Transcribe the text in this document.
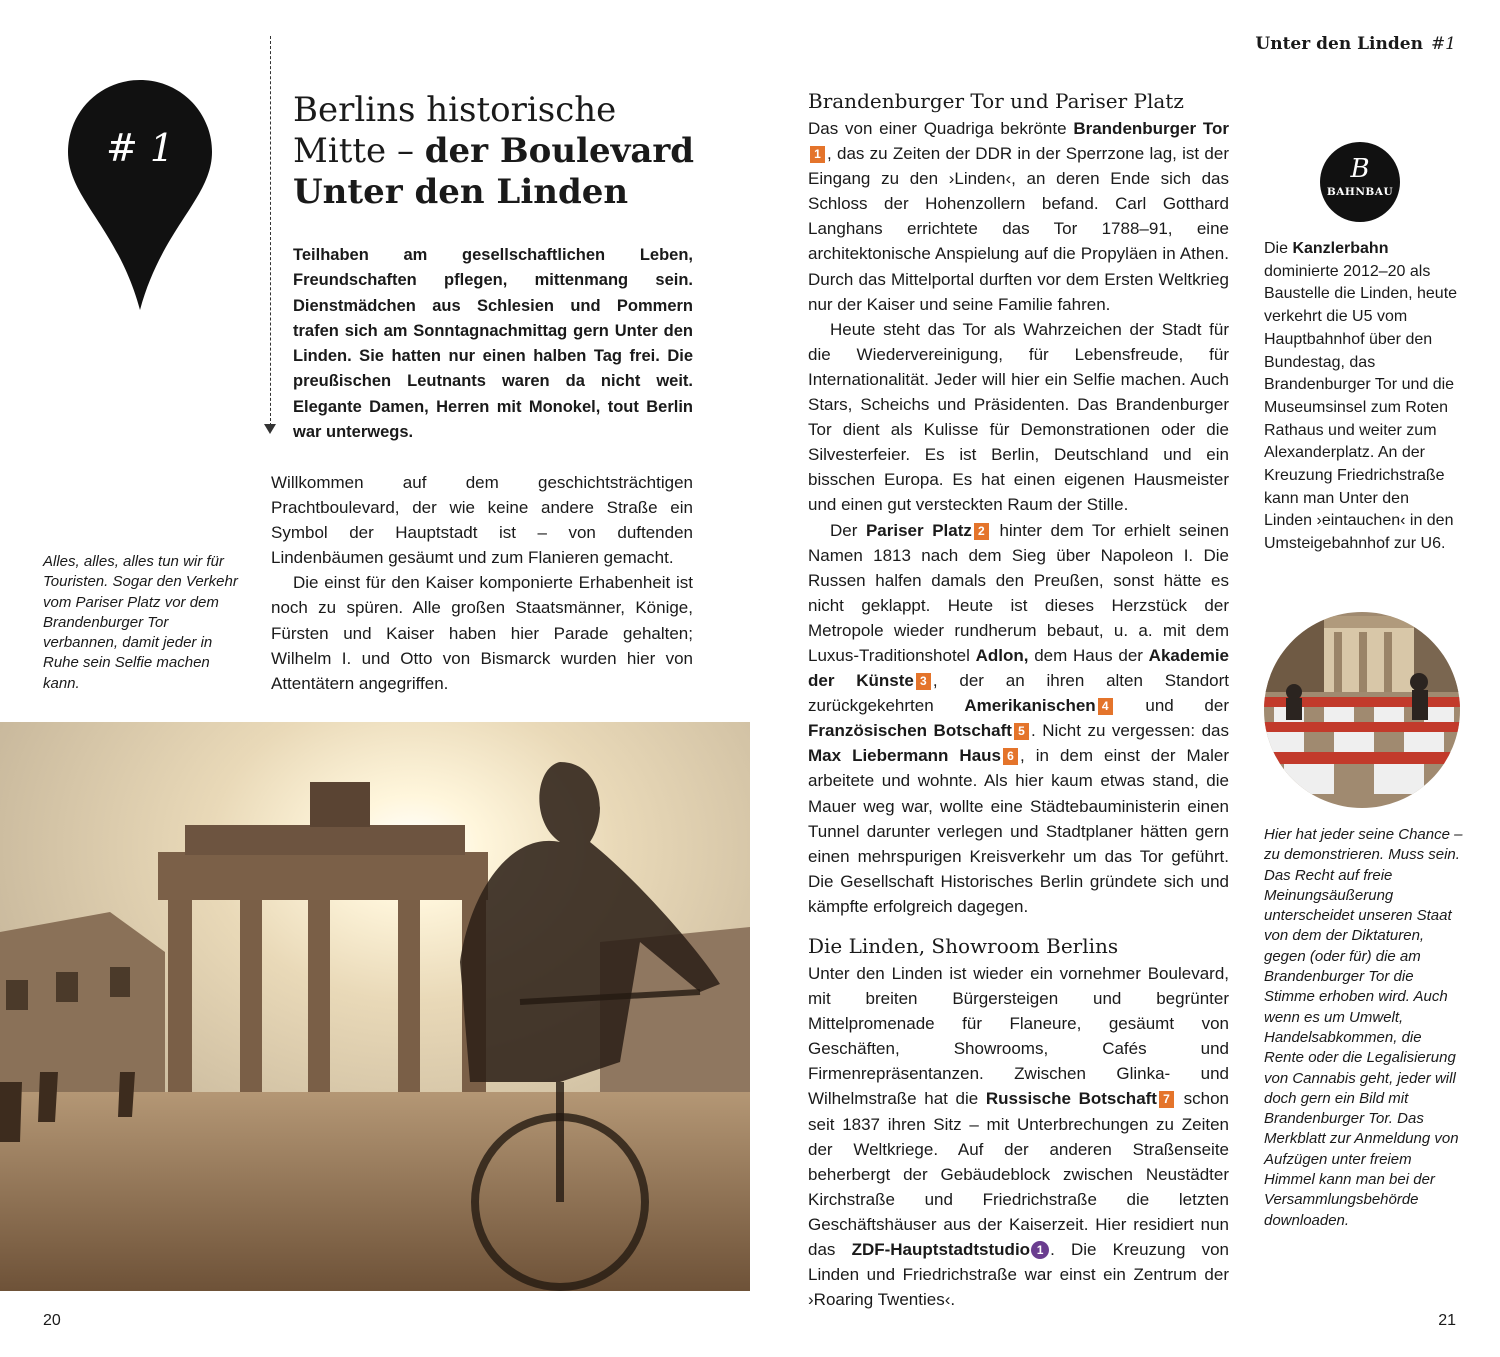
Unter den Linden #1
# 1
Berlins historische Mitte – der Boulevard Unter den Linden
Teilhaben am gesellschaftlichen Leben, Freundschaften pflegen, mittenmang sein. Dienstmädchen aus Schlesien und Pommern trafen sich am Sonntagnachmittag gern Unter den Linden. Sie hatten nur einen halben Tag frei. Die preußischen Leutnants waren da nicht weit. Elegante Damen, Herren mit Monokel, tout Berlin war unterwegs.

Willkommen auf dem geschichtsträchtigen Prachtboulevard, der wie keine andere Straße ein Symbol der Hauptstadt ist – von duftenden Lindenbäumen gesäumt und zum Flanieren gemacht.

Die einst für den Kaiser komponierte Erhabenheit ist noch zu spüren. Alle großen Staatsmänner, Könige, Fürsten und Kaiser haben hier Parade gehalten; Wilhelm I. und Otto von Bismarck wurden hier von Attentätern angegriffen.

Alles, alles, alles tun wir für Touristen. Sogar den Verkehr vom Pariser Platz vor dem Brandenburger Tor verbannen, damit jeder in Ruhe sein Selfie machen kann.
Brandenburger Tor und Pariser Platz

Das von einer Quadriga bekrönte Brandenburger Tor1 , das zu Zeiten der DDR in der Sperrzone lag, ist der Eingang zu den ›Linden‹, an deren Ende sich das Schloss der Hohenzollern befand. Carl Gotthard Langhans errichtete das Tor 1788–91, eine architektonische Anspielung auf die Propyläen in Athen. Durch das Mittelportal durften vor dem Ersten Weltkrieg nur der Kaiser und seine Familie fahren.

Heute steht das Tor als Wahrzeichen der Stadt für die Wiedervereinigung, für Lebensfreude, für Internationalität. Jeder will hier ein Selfie machen. Auch Stars, Scheichs und Präsidenten. Das Brandenburger Tor dient als Kulisse für Demonstrationen oder die Silvesterfeier. Es ist Berlin, Deutschland und ein bisschen Europa. Es hat einen eigenen Hausmeister und einen gut versteckten Raum der Stille.

Der Pariser Platz 2 hinter dem Tor erhielt seinen Namen 1813 nach dem Sieg über Napoleon I. Die Russen halfen damals den Preußen, sonst hätte es nicht geklappt. Heute ist dieses Herzstück der Metropole wieder rundherum bebaut, u. a. mit dem Luxus-Traditionshotel Adlon, dem Haus der Akademie der Künste 3 , der an ihren alten Standort zurückgekehrten Amerikanischen 4 und der Französischen Botschaft 5 . Nicht zu vergessen: das Max Liebermann Haus 6 , in dem einst der Maler arbeitete und wohnte. Als hier kaum etwas stand, die Mauer weg war, wollte eine Städtebauministerin einen Tunnel darunter verlegen und Stadtplaner hätten gern einen mehrspurigen Kreisverkehr um das Tor geführt. Die Gesellschaft Historisches Berlin gründete sich und kämpfte erfolgreich dagegen.

Die Linden, Showroom Berlins

Unter den Linden ist wieder ein vornehmer Boulevard, mit breiten Bürgersteigen und begrünter Mittelpromenade für Flaneure, gesäumt von Geschäften, Showrooms, Cafés und Firmenrepräsentanzen. Zwischen Glinka- und Wilhelmstraße hat die Russische Botschaft 7 schon seit 1837 ihren Sitz – mit Unterbrechungen zu Zeiten der Weltkriege. Auf der anderen Straßenseite beherbergt der Gebäudeblock zwischen Neustädter Kirchstraße und Friedrichstraße die letzten Geschäftshäuser aus der Kaiserzeit. Hier residiert nun das ZDF-Hauptstadtstudio 1 . Die Kreuzung von Linden und Friedrichstraße war einst ein Zentrum der ›Roaring Twenties‹.

B
BAHNBAU
Die Kanzlerbahn dominierte 2012–20 als Baustelle die Linden, heute verkehrt die U5 vom Hauptbahnhof über den Bundestag, das Brandenburger Tor und die Museumsinsel zum Roten Rathaus und weiter zum Alexanderplatz. An der Kreuzung Friedrichstraße kann man Unter den Linden ›eintauchen‹ in den Umsteigebahnhof zur U6.
Hier hat jeder seine Chance – zu demonstrieren. Muss sein. Das Recht auf freie Meinungsäußerung unterscheidet unseren Staat von dem der Diktaturen, gegen (oder für) die am Brandenburger Tor die Stimme erhoben wird. Auch wenn es um Umwelt, Handelsabkommen, die Rente oder die Legalisierung von Cannabis geht, jeder will doch gern ein Bild mit Brandenburger Tor. Das Merkblatt zur Anmeldung von Aufzügen unter freiem Himmel kann man bei der Versammlungsbehörde downloaden.
20	21
